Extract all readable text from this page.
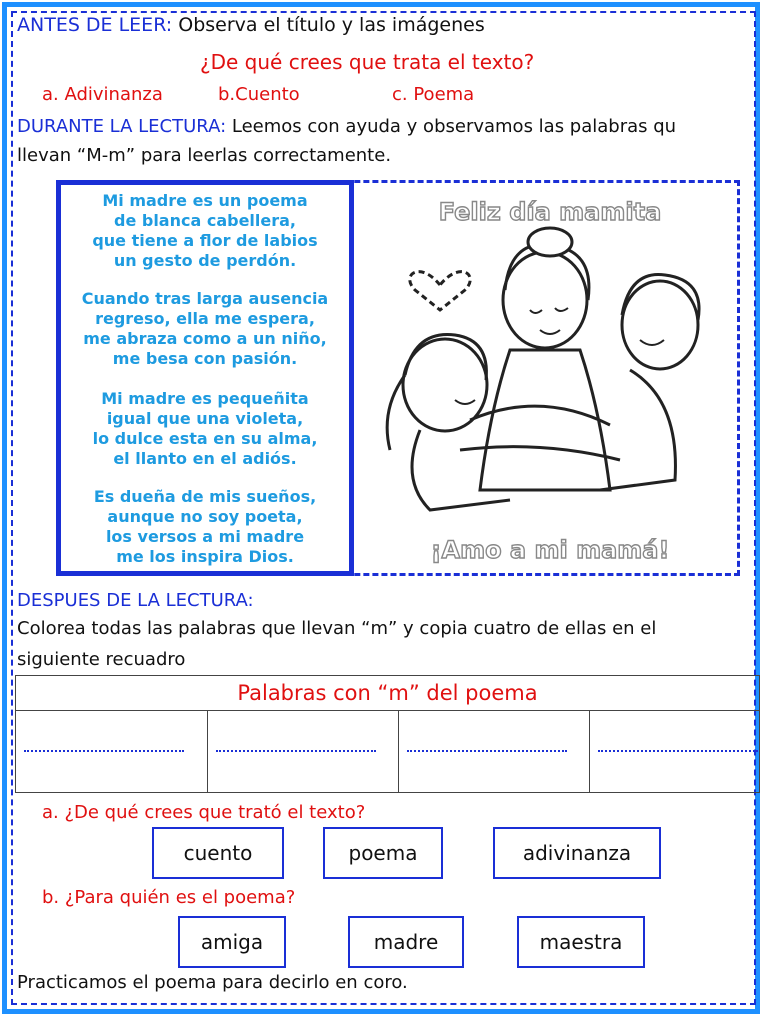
ANTES DE LEER: Observa el título y las imágenes
¿De qué crees que trata el texto?
a. Adivinanza	b.Cuento	c. Poema
DURANTE LA LECTURA: Leemos con ayuda y observamos las palabras qu
llevan “M-m” para leerlas correctamente.
Mi madre es un poema
de blanca cabellera,
que tiene a flor de labios
un gesto de perdón.
Cuando tras larga ausencia
regreso, ella me espera,
me abraza como a un niño,
me besa con pasión.
Mi madre es pequeñita
igual que una violeta,
lo dulce esta en su alma,
el llanto en el adiós.
Es dueña de mis sueños,
aunque no soy poeta,
los versos a mi madre
me los inspira Dios.
Feliz día mamita
¡Amo a mi mamá!
DESPUES DE LA LECTURA:
Colorea todas las palabras que llevan “m” y copia cuatro de ellas en el
siguiente recuadro
Palabras con “m” del poema
a. ¿De qué crees que trató el texto?
cuento	poema	adivinanza
b. ¿Para quién es el poema?
amiga	madre	maestra
Practicamos el poema para decirlo en coro.
